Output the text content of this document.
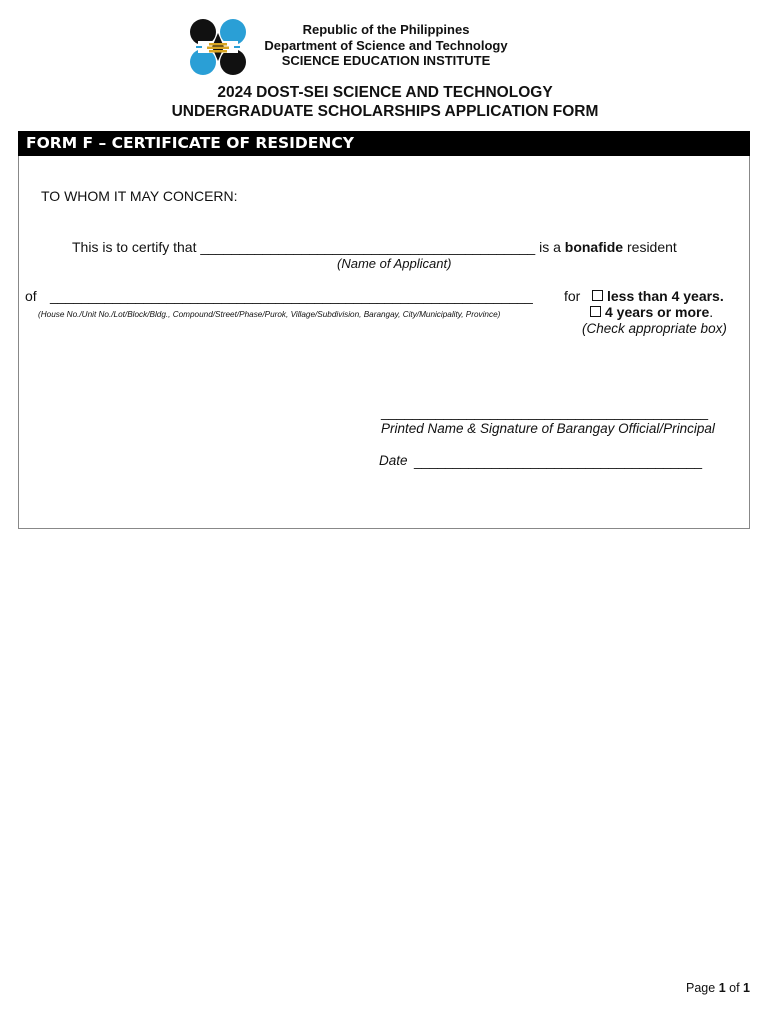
Republic of the Philippines
Department of Science and Technology
SCIENCE EDUCATION INSTITUTE
2024 DOST-SEI SCIENCE AND TECHNOLOGY
UNDERGRADUATE SCHOLARSHIPS APPLICATION FORM
FORM F – CERTIFICATE OF RESIDENCY
TO WHOM IT MAY CONCERN:
This is to certify that ___________________________________________ is a bonafide resident
(Name of Applicant)
of ______________________________________________________________ for	less than 4 years.
(House No./Unit No./Lot/Block/Bldg., Compound/Street/Phase/Purok, Village/Subdivision, Barangay, City/Municipality, Province)	4 years or more.
(Check appropriate box)
__________________________________________
Printed Name & Signature of Barangay Official/Principal
Date _____________________________________
Page 1 of 1
